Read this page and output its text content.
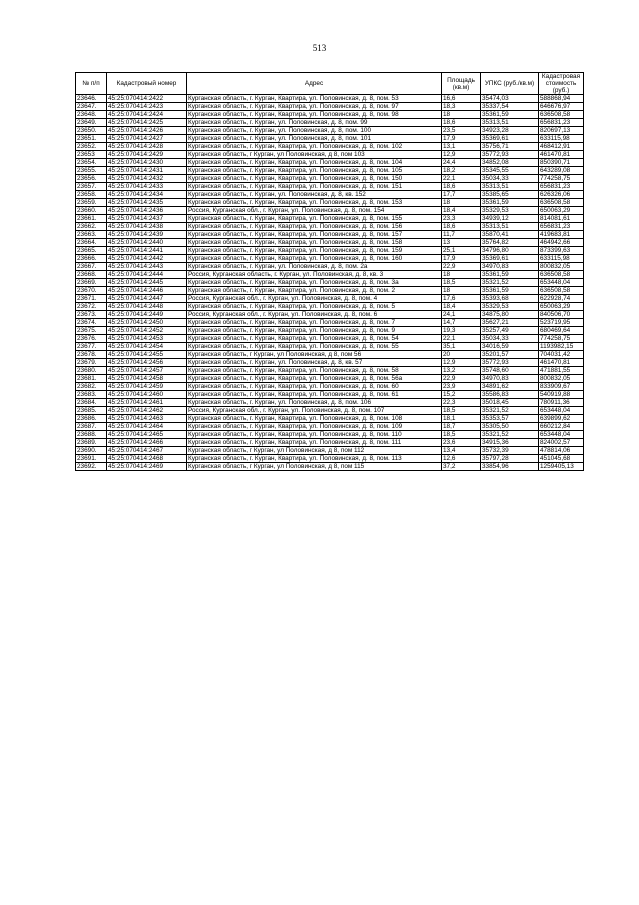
513
№ п/п	Кадастровый номер	Адрес	Площадь (кв.м)	УПКС (руб./кв.м)	Кадастровая стоимость (руб.)
23646.	45:25:070414:2422	Курганская область, г. Курган, Квартира, ул. Половинская, д. 8, пом. 53	16,6	35474,03	588868,94
23647.	45:25:070414:2423	Курганская область, г. Курган, Квартира, ул. Половинская, д. 8, пом. 97	18,3	35337,54	646676,97
23648.	45:25:070414:2424	Курганская область, г. Курган, Квартира, ул. Половинская, д. 8, пом. 98	18	35361,59	636508,58
23649.	45:25:070414:2425	Курганская область, г. Курган, ул. Половинская, д. 8, пом. 99	18,6	35313,51	656831,23
23650.	45:25:070414:2426	Курганская область, г. Курган, ул. Половинская, д. 8, пом. 100	23,5	34923,28	820697,13
23651.	45:25:070414:2427	Курганская область, г. Курган, ул. Половинская, д. 8, пом. 101	17,9	35369,61	633115,98
23652.	45:25:070414:2428	Курганская область, г. Курган, Квартира, ул. Половинская, д. 8, пом. 102	13,1	35756,71	468412,91
23653	45:25:070414:2429	Курганская область, г Курган, ул Половинская, д 8, пом 103	12,9	35772,93	461470,81
23654.	45:25:070414:2430	Курганская область, г. Курган, Квартира, ул. Половинская, д. 8, пом. 104	24,4	34852,08	850390,71
23655.	45:25:070414:2431	Курганская область, г. Курган, Квартира, ул. Половинская, д. 8, пом. 105	18,2	35345,55	643289,08
23656.	45:25:070414:2432	Курганская область, г. Курган, Квартира, ул. Половинская, д. 8, пом. 150	22,1	35034,33	774258,75
23657.	45:25:070414:2433	Курганская область, г. Курган, Квартира, ул. Половинская, д. 8, пом. 151	18,6	35313,51	656831,23
23658.	45:25:070414:2434	Курганская область, г. Курган, ул. Половинская, д. 8, кв. 152	17,7	35385,65	626326,06
23659.	45:25:070414:2435	Курганская область, г. Курган, Квартира, ул. Половинская, д. 8, пом. 153	18	35361,59	636508,58
23660.	45:25:070414:2436	Россия, Курганская обл., г. Курган, ул. Половинская, д. 8, пом. 154	18,4	35329,53	650063,29
23661.	45:25:070414:2437	Курганская область, г. Курган, Квартира, ул. Половинская, д. 8, пом. 155	23,3	34939,12	814081,61
23662.	45:25:070414:2438	Курганская область, г. Курган, Квартира, ул. Половинская, д. 8, пом. 156	18,6	35313,51	656831,23
23663.	45:25:070414:2439	Курганская область, г. Курган, Квартира, ул. Половинская, д. 8, пом. 157	11,7	35870,41	419683,81
23664.	45:25:070414:2440	Курганская область, г. Курган, Квартира, ул. Половинская, д. 8, пом. 158	13	35764,82	464942,66
23665.	45:25:070414:2441	Курганская область, г. Курган, Квартира, ул. Половинская, д. 8, пом. 159	25,1	34796,80	873399,63
23666.	45:25:070414:2442	Курганская область, г. Курган, Квартира, ул. Половинская, д. 8, пом. 160	17,9	35369,61	633115,98
23667.	45:25:070414:2443	Курганская область, г. Курган, ул. Половинская, д. 8, пом. 2а	22,9	34970,83	800832,05
23668.	45:25:070414:2444	Россия, Курганская область, г. Курган, ул. Половинская, д. 8, кв. 3	18	35361,59	636508,58
23669.	45:25:070414:2445	Курганская область, г. Курган, Квартира, ул. Половинская, д. 8, пом. 3а	18,5	35321,52	653448,04
23670.	45:25:070414:2446	Курганская область, г. Курган, Квартира, ул. Половинская, д. 8, пом. 2	18	35361,59	636508,58
23671.	45:25:070414:2447	Россия, Курганская обл., г. Курган, ул. Половинская, д. 8, пом. 4	17,6	35393,68	622928,74
23672.	45:25:070414:2448	Курганская область, г. Курган, Квартира, ул. Половинская, д. 8, пом. 5	18,4	35329,53	650063,29
23673.	45:25:070414:2449	Россия, Курганская обл., г. Курган, ул. Половинская, д. 8, пом. 6	24,1	34875,80	840506,70
23674.	45:25:070414:2450	Курганская область, г. Курган, Квартира, ул. Половинская, д. 8, пом. 7	14,7	35627,21	523719,95
23675.	45:25:070414:2452	Курганская область, г. Курган, Квартира, ул. Половинская, д. 8, пом. 9	19,3	35257,49	680469,64
23676.	45:25:070414:2453	Курганская область, г. Курган, Квартира, ул. Половинская, д. 8, пом. 54	22,1	35034,33	774258,75
23677.	45:25:070414:2454	Курганская область, г. Курган, Квартира, ул. Половинская, д. 8, пом. 55	35,1	34016,59	1193982,15
23678.	45:25:070414:2455	Курганская область, г Курган, ул Половинская, д 8, пом 56	20	35201,57	704031,42
23679.	45:25:070414:2456	Курганская область, г. Курган, ул. Половинская, д. 8, кв. 57	12,9	35772,93	461470,81
23680.	45:25:070414:2457	Курганская область, г. Курган, Квартира, ул. Половинская, д. 8, пом. 58	13,2	35748,60	471881,55
23681.	45:25:070414:2458	Курганская область, г. Курган, Квартира, ул. Половинская, д. 8, пом. 56а	22,9	34970,83	800832,05
23682.	45:25:070414:2459	Курганская область, г. Курган, Квартира, ул. Половинская, д. 8, пом. 60	23,9	34891,62	833909,67
23683.	45:25:070414:2460	Курганская область, г. Курган, Квартира, ул. Половинская, д. 8, пом. 61	15,2	35586,83	540919,88
23684.	45:25:070414:2461	Курганская область, г. Курган, ул. Половинская, д. 8, пом. 106	22,3	35018,45	780911,36
23685.	45:25:070414:2462	Россия, Курганская обл., г. Курган, ул. Половинская, д. 8, пом. 107	18,5	35321,52	653448,04
23686.	45:25:070414:2463	Курганская область, г. Курган, Квартира, ул. Половинская, д. 8, пом. 108	18,1	35353,57	639899,62
23687.	45:25:070414:2464	Курганская область, г. Курган, Квартира, ул. Половинская, д. 8, пом. 109	18,7	35305,50	660212,84
23688.	45:25:070414:2465	Курганская область, г. Курган, Квартира, ул. Половинская, д. 8, пом. 110	18,5	35321,52	653448,04
23689.	45:25:070414:2466	Курганская область, г. Курган, Квартира, ул. Половинская, д. 8, пом. 111	23,6	34915,36	824002,57
23690.	45:25:070414:2467	Курганская область, г Курган, ул Половинская, д 8, пом 112	13,4	35732,39	478814,06
23691.	45:25:070414:2468	Курганская область, г. Курган, Квартира, ул. Половинская, д. 8, пом. 113	12,6	35797,28	451045,68
23692.	45:25:070414:2469	Курганская область, г Курган, ул Половинская, д 8, пом 115	37,2	33854,96	1259405,13
